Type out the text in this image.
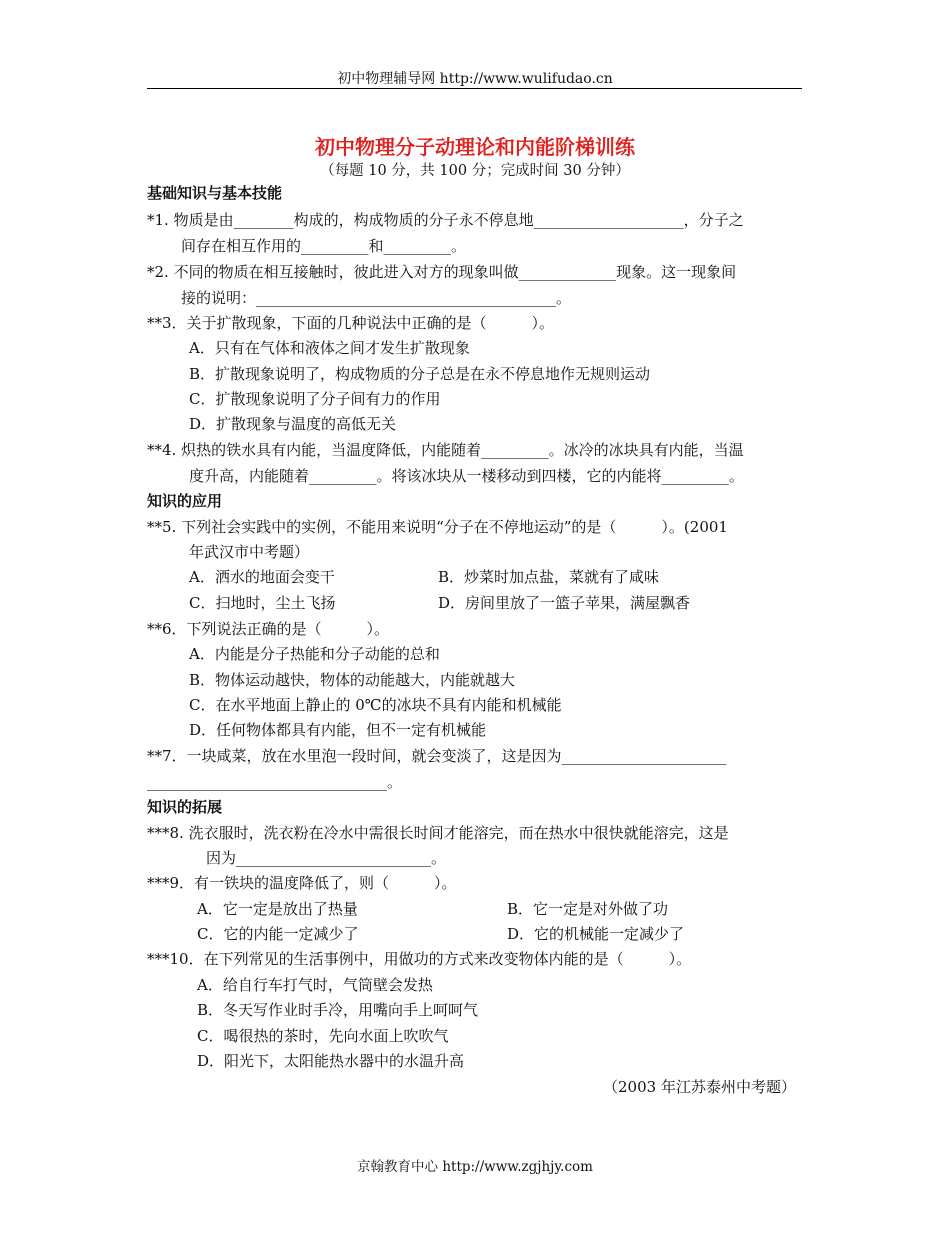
初中物理辅导网 http://www.wulifudao.cn
初中物理分子动理论和内能阶梯训练
（每题 10 分，共 100 分；完成时间 30 分钟）
基础知识与基本技能
*1. 物质是由________构成的，构成物质的分子永不停息地____________________，分子之
间存在相互作用的_________和_________。
*2. 不同的物质在相互接触时，彼此进入对方的现象叫做_____________现象。这一现象间
接的说明：________________________________________。
**3．关于扩散现象，下面的几种说法中正确的是（　　　）。
A．只有在气体和液体之间才发生扩散现象
B．扩散现象说明了，构成物质的分子总是在永不停息地作无规则运动
C．扩散现象说明了分子间有力的作用
D．扩散现象与温度的高低无关
**4. 炽热的铁水具有内能，当温度降低，内能随着_________。冰冷的冰块具有内能，当温
度升高，内能随着_________。将该冰块从一楼移动到四楼，它的内能将_________。
知识的应用
**5. 下列社会实践中的实例，不能用来说明“分子在不停地运动”的是（　　　）。(2001
年武汉市中考题）
A．洒水的地面会变干	B．炒菜时加点盐，菜就有了咸味
C．扫地时，尘土飞扬	D．房间里放了一篮子苹果，满屋飘香
**6．下列说法正确的是（　　　）。
A．内能是分子热能和分子动能的总和
B．物体运动越快，物体的动能越大，内能就越大
C．在水平地面上静止的 0℃的冰块不具有内能和机械能
D．任何物体都具有内能，但不一定有机械能
**7．一块咸菜，放在水里泡一段时间，就会变淡了，这是因为______________________
________________________________。
知识的拓展
***8. 洗衣服时，洗衣粉在冷水中需很长时间才能溶完，而在热水中很快就能溶完，这是
因为__________________________。
***9．有一铁块的温度降低了，则（　　　）。
A．它一定是放出了热量	B．它一定是对外做了功
C．它的内能一定减少了	D．它的机械能一定减少了
***10．在下列常见的生活事例中，用做功的方式来改变物体内能的是（　　　）。
A．给自行车打气时，气筒壁会发热
B．冬天写作业时手冷，用嘴向手上呵呵气
C．喝很热的茶时，先向水面上吹吹气
D．阳光下，太阳能热水器中的水温升高
（2003 年江苏泰州中考题）
京翰教育中心 http://www.zgjhjy.com
